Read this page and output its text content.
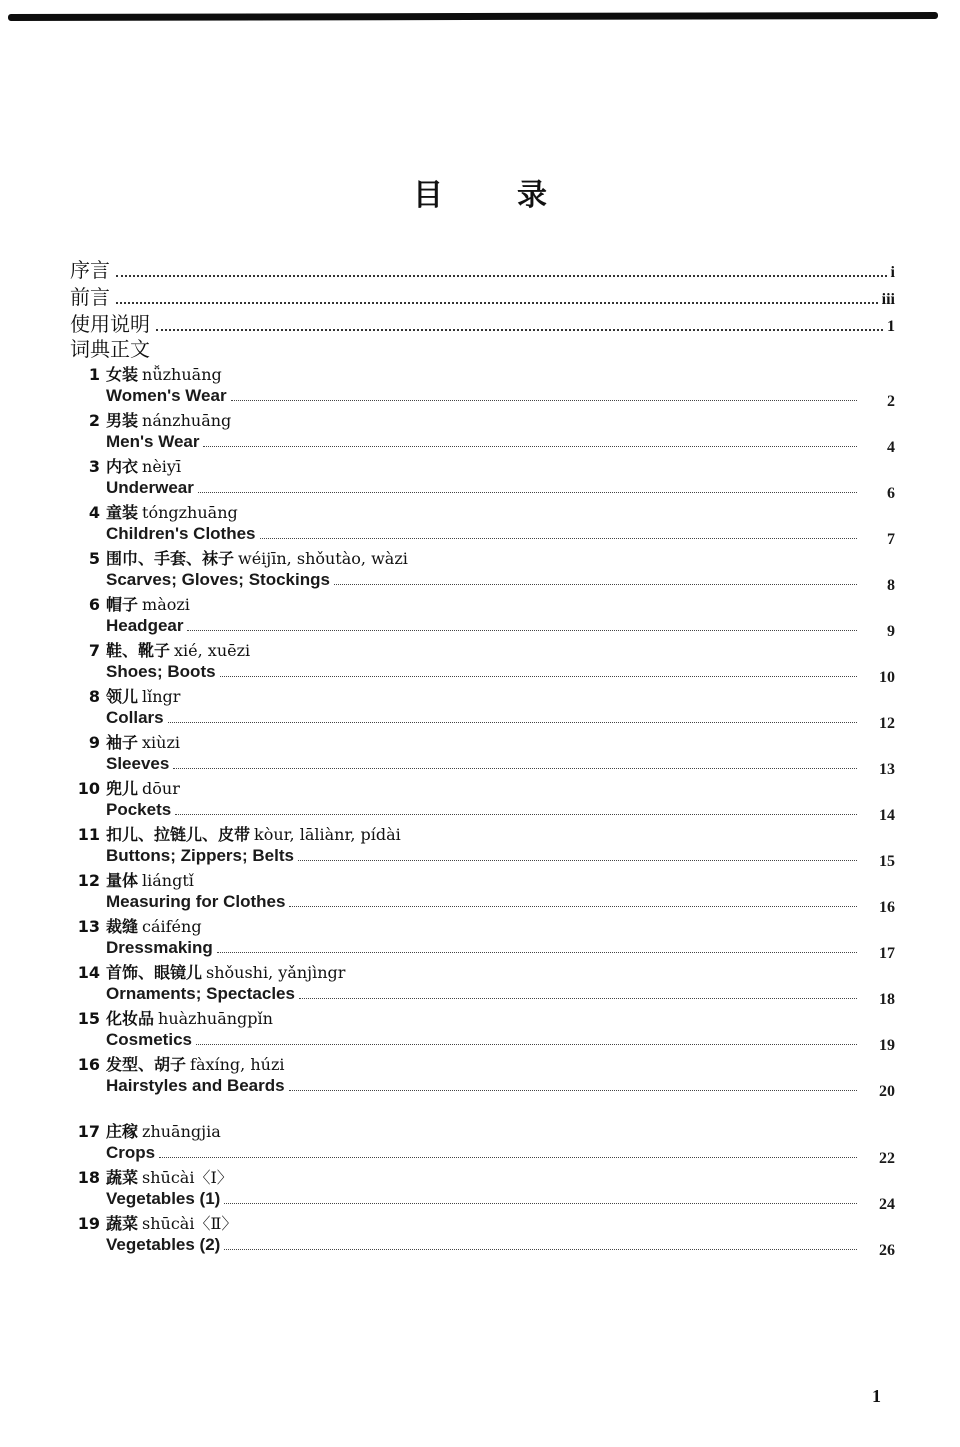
目 录
序言	i
前言	iii
使用说明	1
词典正文
1 女装 nǚzhuāng
Women's Wear	2
2 男装 nánzhuāng
Men's Wear	4
3 内衣 nèiyī
Underwear	6
4 童装 tóngzhuāng
Children's Clothes	7
5 围巾、手套、袜子 wéijīn, shǒutào, wàzi
Scarves; Gloves; Stockings	8
6 帽子 màozi
Headgear	9
7 鞋、靴子 xié, xuēzi
Shoes; Boots	10
8 领儿 lǐngr
Collars	12
9 袖子 xiùzi
Sleeves	13
10 兜儿 dōur
Pockets	14
11 扣儿、拉链儿、皮带 kòur, lāliànr, pídài
Buttons; Zippers; Belts	15
12 量体 liángtǐ
Measuring for Clothes	16
13 裁缝 cáiféng
Dressmaking	17
14 首饰、眼镜儿 shǒushi, yǎnjìngr
Ornaments; Spectacles	18
15 化妆品 huàzhuāngpǐn
Cosmetics	19
16 发型、胡子 fàxíng, húzi
Hairstyles and Beards	20
17 庄稼 zhuāngjia
Crops	22
18 蔬菜 shūcài〈Ⅰ〉
Vegetables (1)	24
19 蔬菜 shūcài〈Ⅱ〉
Vegetables (2)	26
1
